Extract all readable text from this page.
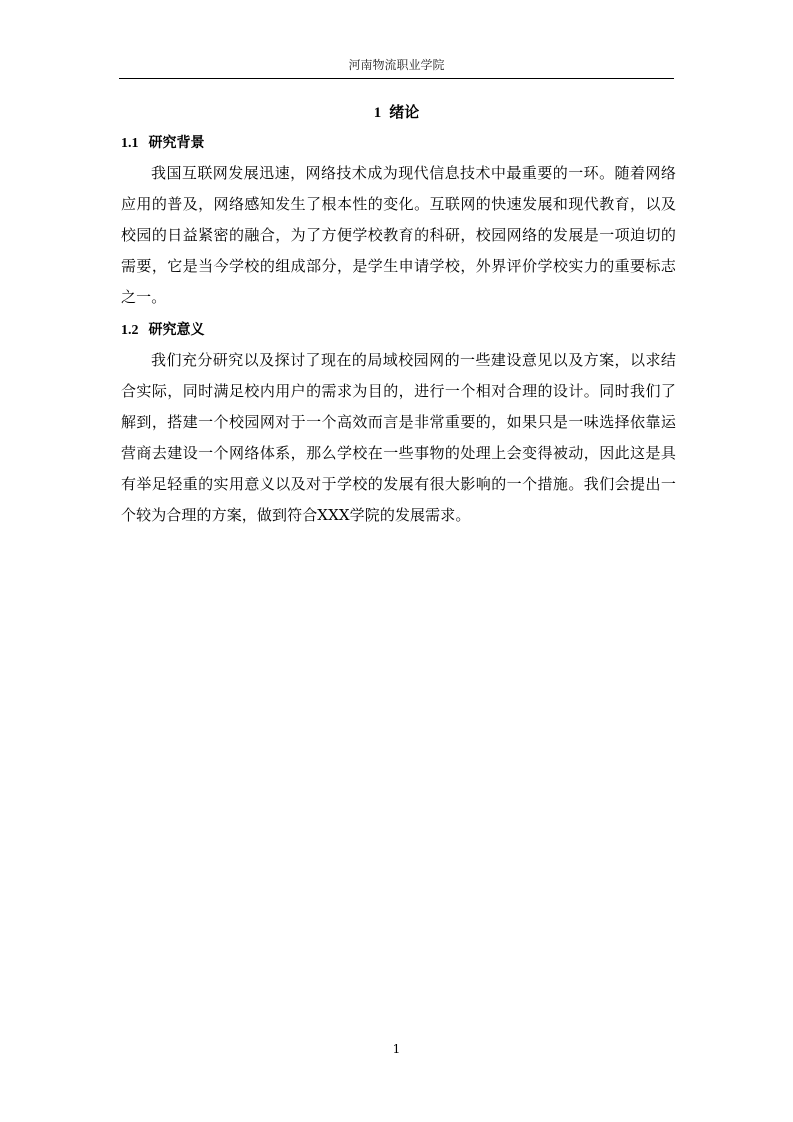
河南物流职业学院
1 绪论
1.1 研究背景

我国互联网发展迅速，网络技术成为现代信息技术中最重要的一环。随着网络应用的普及，网络感知发生了根本性的变化。互联网的快速发展和现代教育，以及校园的日益紧密的融合，为了方便学校教育的科研，校园网络的发展是一项迫切的需要，它是当今学校的组成部分，是学生申请学校，外界评价学校实力的重要标志之一。

1.2 研究意义

我们充分研究以及探讨了现在的局域校园网的一些建设意见以及方案，以求结合实际，同时满足校内用户的需求为目的，进行一个相对合理的设计。同时我们了解到，搭建一个校园网对于一个高效而言是非常重要的，如果只是一味选择依靠运营商去建设一个网络体系，那么学校在一些事物的处理上会变得被动，因此这是具有举足轻重的实用意义以及对于学校的发展有很大影响的一个措施。我们会提出一个较为合理的方案，做到符合XXX学院的发展需求。

1
